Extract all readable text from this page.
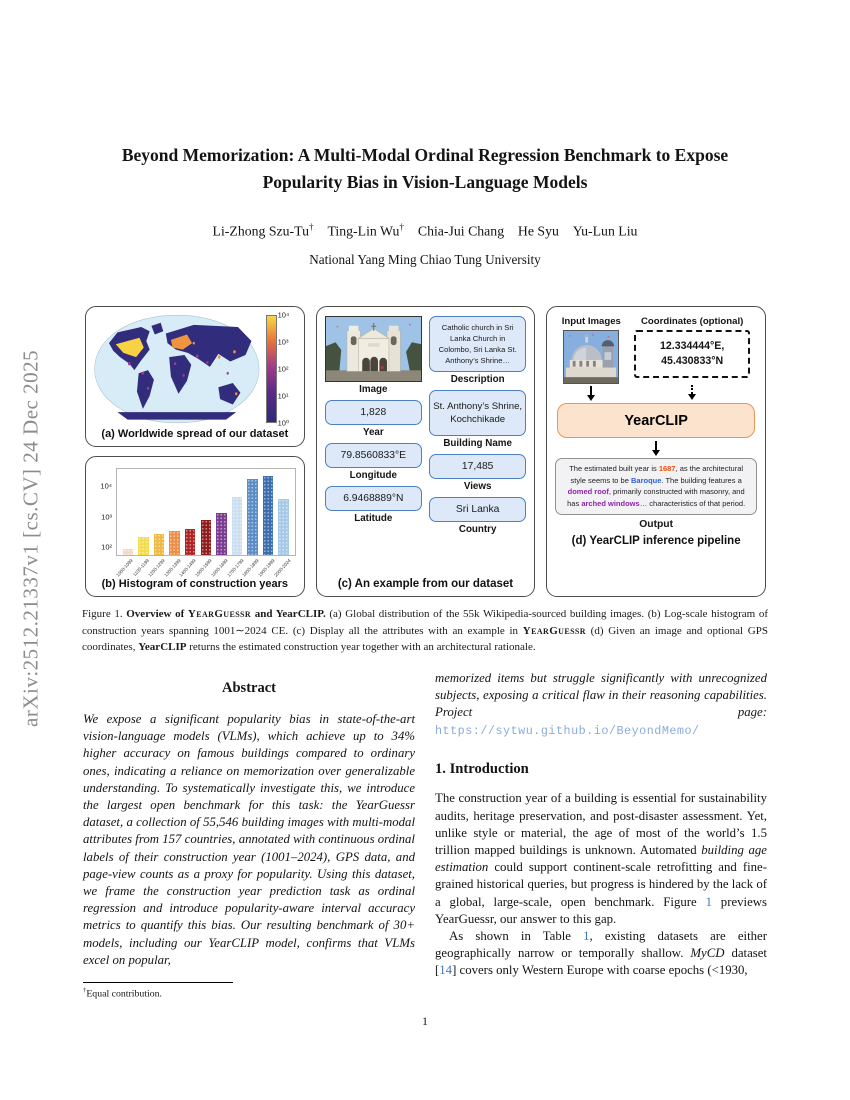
arXiv:2512.21337v1 [cs.CV] 24 Dec 2025
Beyond Memorization: A Multi-Modal Ordinal Regression Benchmark to Expose Popularity Bias in Vision-Language Models
Li-Zhong Szu-Tu† Ting-Lin Wu† Chia-Jui Chang He Syu Yu-Lun Liu
National Yang Ming Chiao Tung University
10⁰
10¹
10²
10³
10⁴
(a) Worldwide spread of our dataset
10²
10³
10⁴
1000-1099
1100-1199
1200-1299
1300-1399
1400-1499
1500-1599
1600-1699
1700-1799
1800-1899
1900-1999
2000-2024
(b) Histogram of construction years
Image
1,828
Year
79.8560833°E
Longitude
6.9468889°N
Latitude
Catholic church in Sri Lanka Church in Colombo, Sri Lanka St. Anthony’s Shrine…
Description
St. Anthony’s Shrine, Kochchikade
Building Name
17,485
Views
Sri Lanka
Country
(c) An example from our dataset
Input Images Coordinates (optional)
12.334444°E, 45.430833°N
YearCLIP
The estimated built year is 1687, as the architectural style seems to be Baroque. The building features a domed roof, primarily constructed with masonry, and has arched windows… characteristics of that period.
Output
(d) YearCLIP inference pipeline
Figure 1. Overview of YearGuessr and YearCLIP. (a) Global distribution of the 55k Wikipedia-sourced building images. (b) Log-scale histogram of construction years spanning 1001∼2024 CE. (c) Display all the attributes with an example in YearGuessr (d) Given an image and optional GPS coordinates, YearCLIP returns the estimated construction year together with an architectural rationale.
Abstract
We expose a significant popularity bias in state-of-the-art vision-language models (VLMs), which achieve up to 34% higher accuracy on famous buildings compared to ordinary ones, indicating a reliance on memorization over generalizable understanding. To systematically investigate this, we introduce the largest open benchmark for this task: the YearGuessr dataset, a collection of 55,546 building images with multi-modal attributes from 157 countries, annotated with continuous ordinal labels of their construction year (1001–2024), GPS data, and page-view counts as a proxy for popularity. Using this dataset, we frame the construction year prediction task as ordinal regression and introduce popularity-aware interval accuracy metrics to quantify this bias. Our resulting benchmark of 30+ models, including our YearCLIP model, confirms that VLMs excel on popular,
†Equal contribution.
memorized items but struggle significantly with unrecognized subjects, exposing a critical flaw in their reasoning capabilities. Project page: https://sytwu.github.io/BeyondMemo/
1. Introduction
The construction year of a building is essential for sustainability audits, heritage preservation, and post-disaster assessment. Yet, unlike style or material, the age of most of the world’s 1.5 trillion mapped buildings is unknown. Automated building age estimation could support continent-scale retrofitting and fine-grained historical queries, but progress is hindered by the lack of a global, large-scale, open benchmark. Figure 1 previews YearGuessr, our answer to this gap.
As shown in Table 1, existing datasets are either geographically narrow or temporally shallow. MyCD dataset [14] covers only Western Europe with coarse epochs (<1930,
1
